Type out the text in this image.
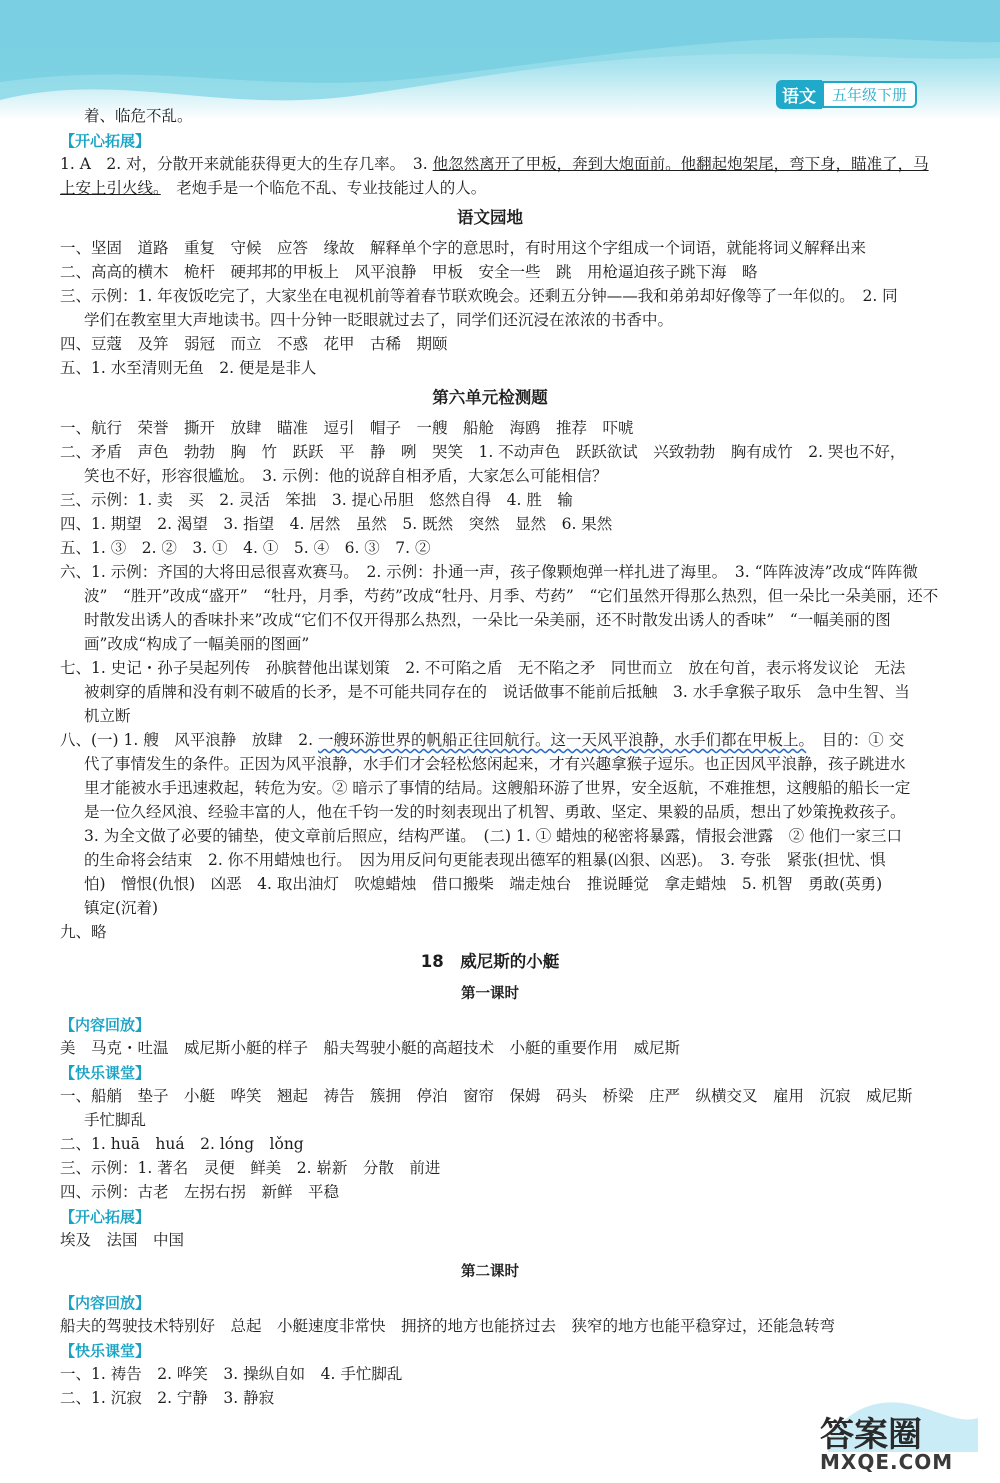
语文	五年级下册
着、临危不乱。
【开心拓展】
1. A　2. 对，分散开来就能获得更大的生存几率。　3. 他忽然离开了甲板，奔到大炮面前。他翻起炮架尾，弯下身，瞄准了，马
上安上引火线。　老炮手是一个临危不乱、专业技能过人的人。
语文园地
一、坚固　道路　重复　守候　应答　缘故　解释单个字的意思时，有时用这个字组成一个词语，就能将词义解释出来
二、高高的横木　桅杆　硬邦邦的甲板上　风平浪静　甲板　安全一些　跳　用枪逼迫孩子跳下海　略
三、示例：1. 年夜饭吃完了，大家坐在电视机前等着春节联欢晚会。还剩五分钟——我和弟弟却好像等了一年似的。　2. 同
学们在教室里大声地读书。四十分钟一眨眼就过去了，同学们还沉浸在浓浓的书香中。
四、豆蔻　及笄　弱冠　而立　不惑　花甲　古稀　期颐
五、1. 水至清则无鱼　2. 便是是非人
第六单元检测题
一、航行　荣誉　撕开　放肆　瞄准　逗引　帽子　一艘　船舱　海鸥　推荐　吓唬
二、矛盾　声色　勃勃　胸　竹　跃跃　平　静　咧　哭笑　1. 不动声色　跃跃欲试　兴致勃勃　胸有成竹　2. 哭也不好，
笑也不好，形容很尴尬。　3. 示例：他的说辞自相矛盾，大家怎么可能相信？
三、示例：1. 卖　买　2. 灵活　笨拙　3. 提心吊胆　悠然自得　4. 胜　输
四、1. 期望　2. 渴望　3. 指望　4. 居然　虽然　5. 既然　突然　显然　6. 果然
五、1. ③　2. ②　3. ①　4. ①　5. ④　6. ③　7. ②
六、1. 示例：齐国的大将田忌很喜欢赛马。　2. 示例：扑通一声，孩子像颗炮弹一样扎进了海里。　3. “阵阵波涛”改成“阵阵微
波”　“胜开”改成“盛开”　“牡丹，月季，芍药”改成“牡丹、月季、芍药”　“它们虽然开得那么热烈，但一朵比一朵美丽，还不
时散发出诱人的香味扑来”改成“它们不仅开得那么热烈，一朵比一朵美丽，还不时散发出诱人的香味”　“一幅美丽的图
画”改成“构成了一幅美丽的图画”
七、1. 史记・孙子吴起列传　孙膑替他出谋划策　2. 不可陷之盾　无不陷之矛　同世而立　放在句首，表示将发议论　无法
被刺穿的盾牌和没有刺不破盾的长矛，是不可能共同存在的　说话做事不能前后抵触　3. 水手拿猴子取乐　急中生智、当
机立断
八、(一) 1. 艘　风平浪静　放肆　2. 一艘环游世界的帆船正往回航行。这一天风平浪静，水手们都在甲板上。　目的：① 交
代了事情发生的条件。正因为风平浪静，水手们才会轻松悠闲起来，才有兴趣拿猴子逗乐。也正因风平浪静，孩子跳进水
里才能被水手迅速救起，转危为安。② 暗示了事情的结局。这艘船环游了世界，安全返航，不难推想，这艘船的船长一定
是一位久经风浪、经验丰富的人，他在千钧一发的时刻表现出了机智、勇敢、坚定、果毅的品质，想出了妙策挽救孩子。
3. 为全文做了必要的铺垫，使文章前后照应，结构严谨。　(二) 1. ① 蜡烛的秘密将暴露，情报会泄露　② 他们一家三口
的生命将会结束　2. 你不用蜡烛也行。　因为用反问句更能表现出德军的粗暴(凶狠、凶恶)。　3. 夸张　紧张(担忧、惧
怕)　憎恨(仇恨)　凶恶　4. 取出油灯　吹熄蜡烛　借口搬柴　端走烛台　推说睡觉　拿走蜡烛　5. 机智　勇敢(英勇)
镇定(沉着)
九、略
18　威尼斯的小艇
第一课时
【内容回放】
美　马克・吐温　威尼斯小艇的样子　船夫驾驶小艇的高超技术　小艇的重要作用　威尼斯
【快乐课堂】
一、船艄　垫子　小艇　哗笑　翘起　祷告　簇拥　停泊　窗帘　保姆　码头　桥梁　庄严　纵横交叉　雇用　沉寂　威尼斯
手忙脚乱
二、1. huā　huá　2. lóng　lǒng
三、示例：1. 著名　灵便　鲜美　2. 崭新　分散　前进
四、示例：古老　左拐右拐　新鲜　平稳
【开心拓展】
埃及　法国　中国
第二课时
【内容回放】
船夫的驾驶技术特别好　总起　小艇速度非常快　拥挤的地方也能挤过去　狭窄的地方也能平稳穿过，还能急转弯
【快乐课堂】
一、1. 祷告　2. 哗笑　3. 操纵自如　4. 手忙脚乱
二、1. 沉寂　2. 宁静　3. 静寂
答案圈
MXQE.COM
